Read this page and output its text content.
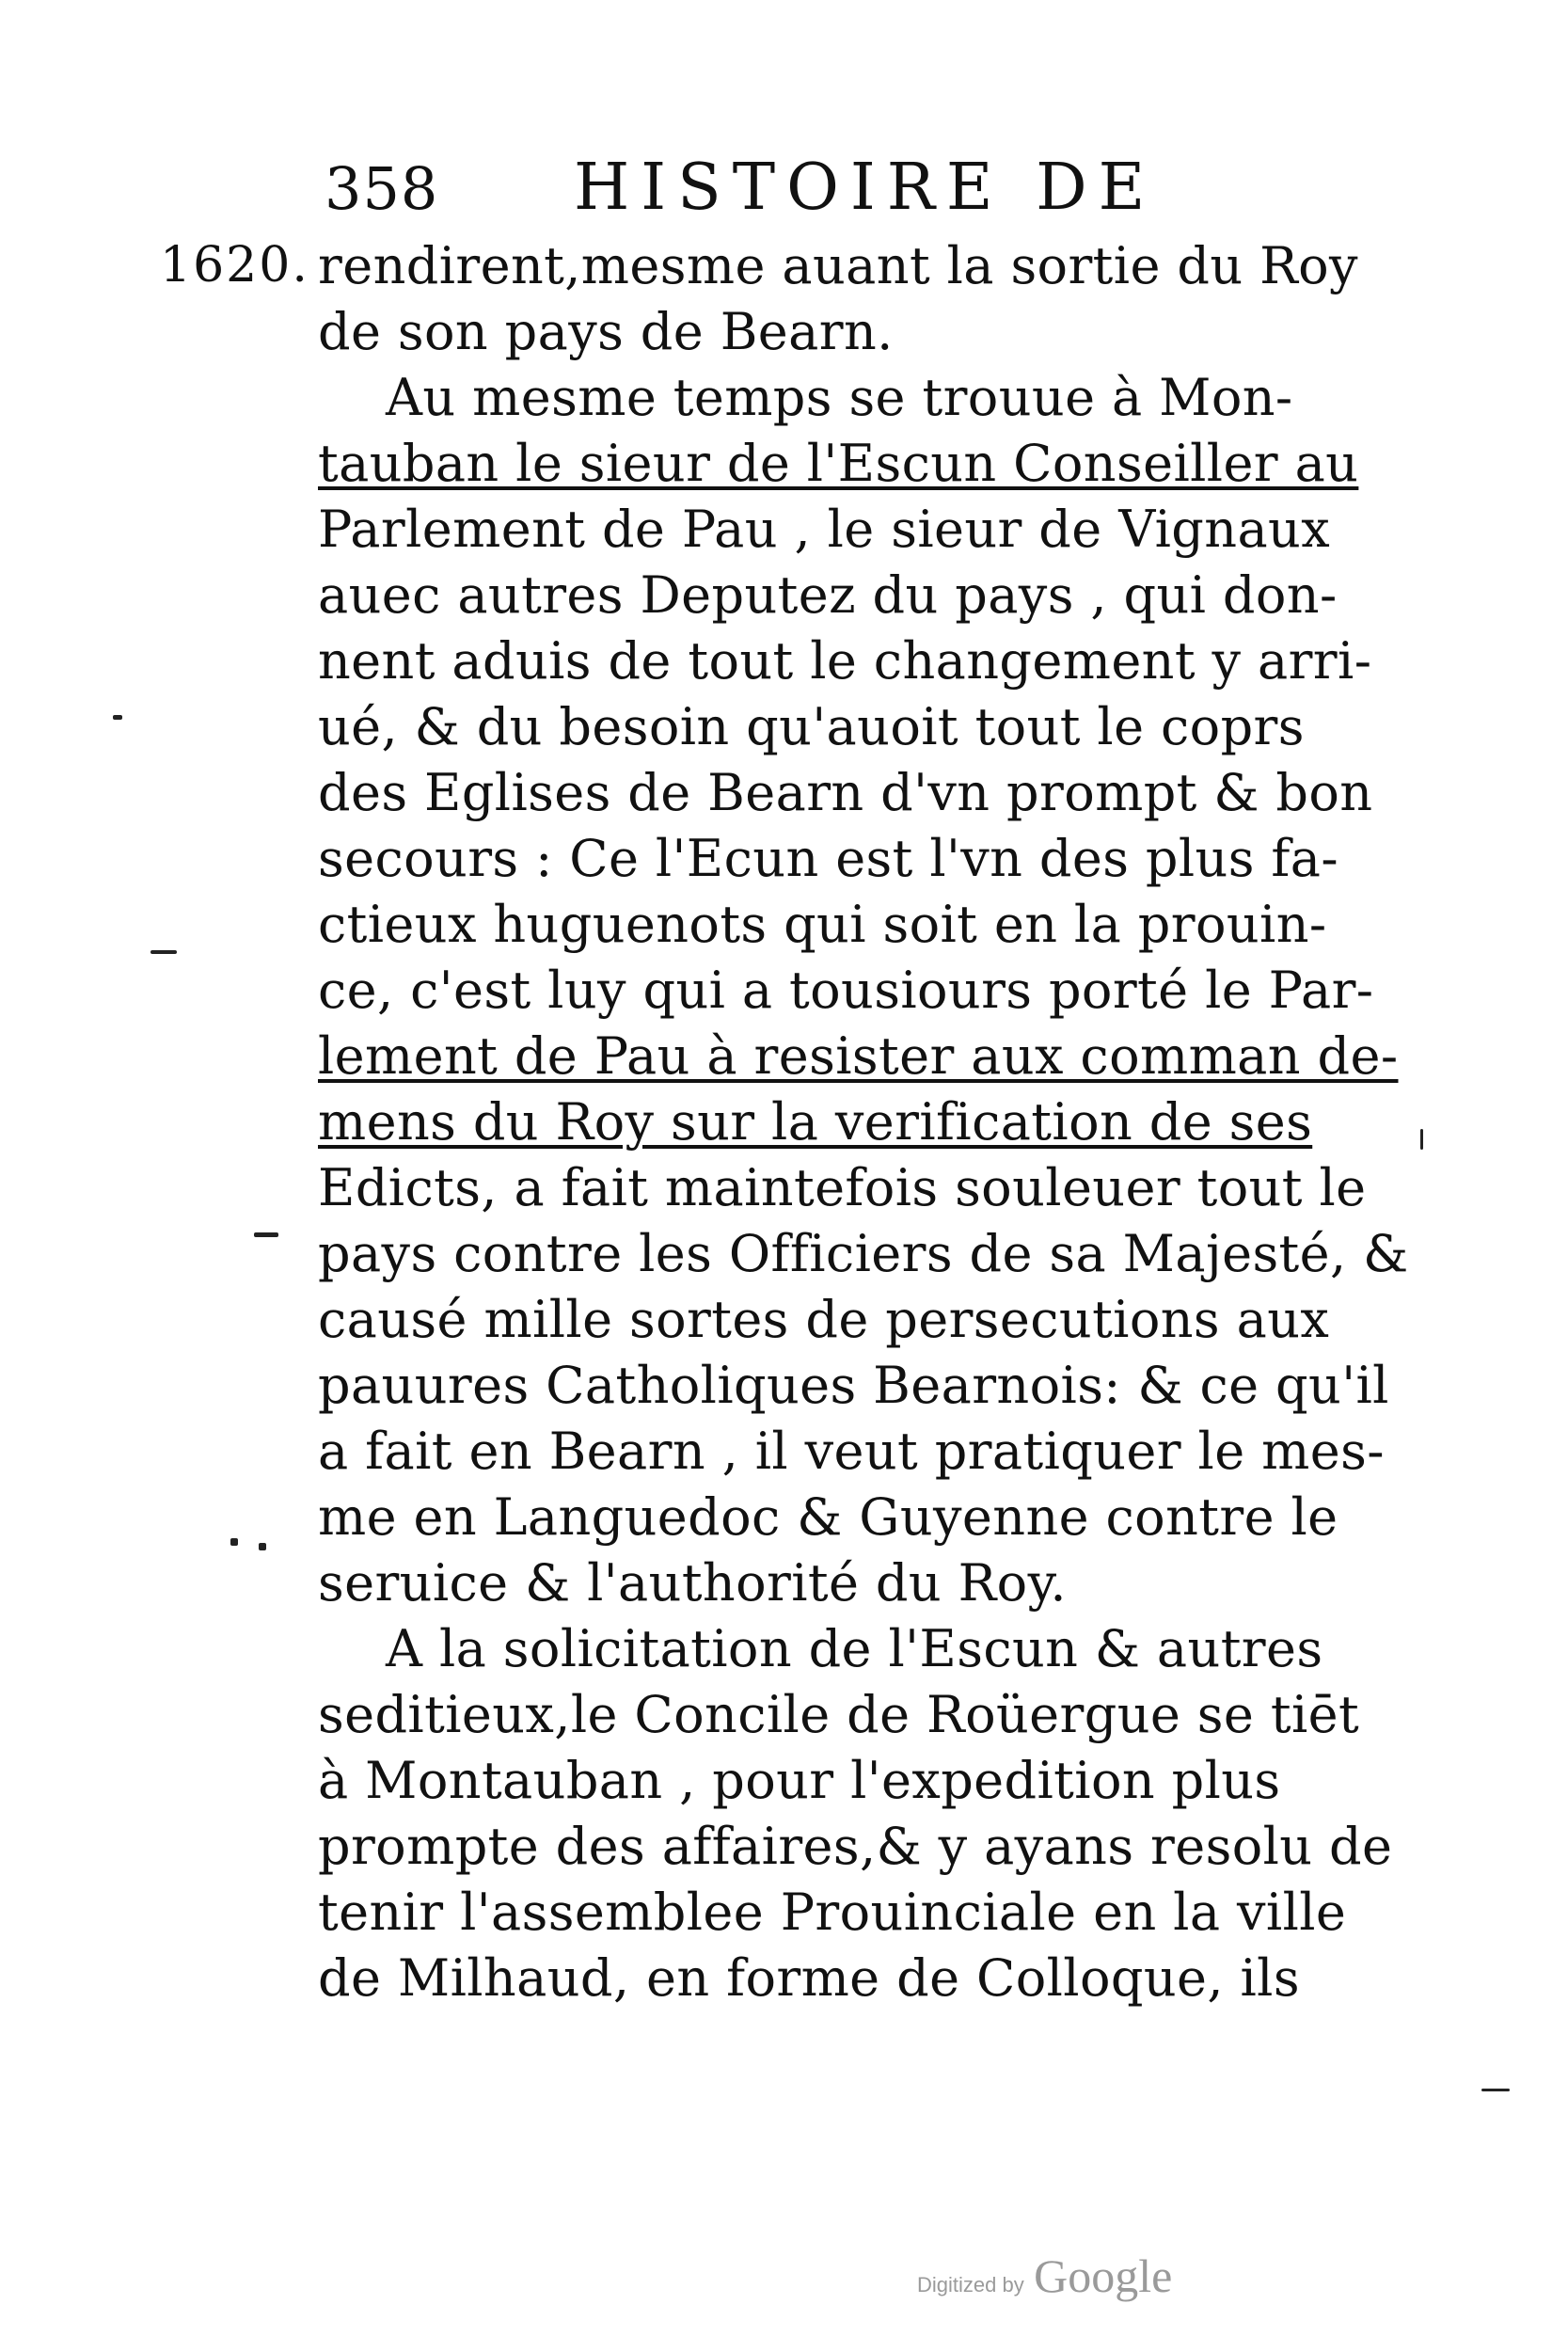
358 HISTOIRE DE
1620. rendirent,mesme auant la sortie du Roy
de son pays de Bearn.
Au mesme temps se trouue à Mon-
tauban le sieur de l'Escun Conseiller au
Parlement de Pau , le sieur de Vignaux
auec autres Deputez du pays , qui don-
nent aduis de tout le changement y arri-
ué, & du besoin qu'auoit tout le coprs
des Eglises de Bearn d'vn prompt & bon
secours : Ce l'Ecun est l'vn des plus fa-
ctieux huguenots qui soit en la prouin-
ce, c'est luy qui a tousiours porté le Par-
lement de Pau à resister aux comman de-
mens du Roy sur la verification de ses
Edicts, a fait maintefois souleuer tout le
pays contre les Officiers de sa Majesté, &
causé mille sortes de persecutions aux
pauures Catholiques Bearnois: & ce qu'il
a fait en Bearn , il veut pratiquer le mes-
me en Languedoc & Guyenne contre le
seruice & l'authorité du Roy.
A la solicitation de l'Escun & autres
seditieux,le Concile de Roüergue se tiēt
à Montauban , pour l'expedition plus
prompte des affaires,& y ayans resolu de
tenir l'assemblee Prouinciale en la ville
de Milhaud, en forme de Colloque, ils
Digitized by Google
